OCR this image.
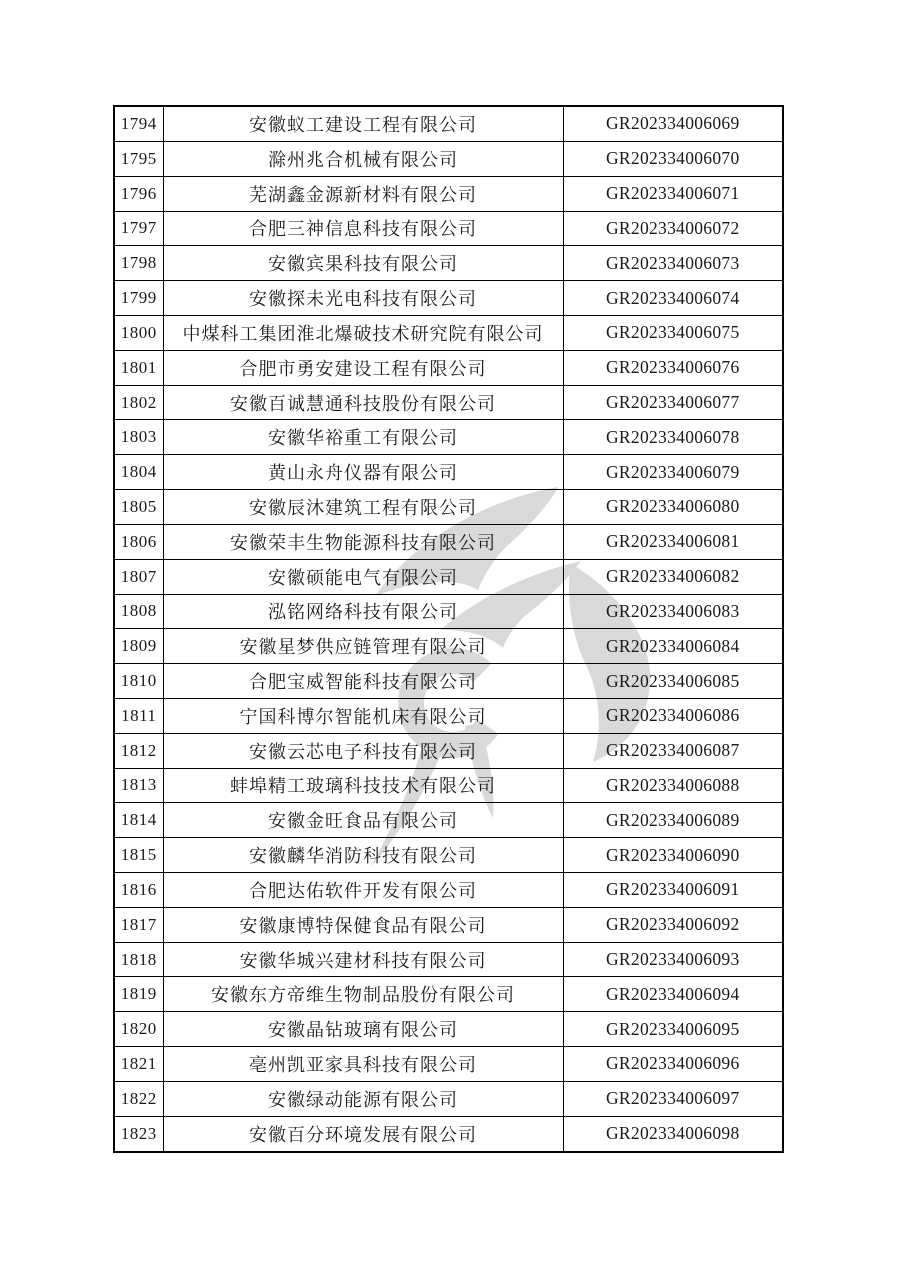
1794	安徽蚁工建设工程有限公司	GR202334006069
1795	滁州兆合机械有限公司	GR202334006070
1796	芜湖鑫金源新材料有限公司	GR202334006071
1797	合肥三神信息科技有限公司	GR202334006072
1798	安徽宾果科技有限公司	GR202334006073
1799	安徽探未光电科技有限公司	GR202334006074
1800	中煤科工集团淮北爆破技术研究院有限公司	GR202334006075
1801	合肥市勇安建设工程有限公司	GR202334006076
1802	安徽百诚慧通科技股份有限公司	GR202334006077
1803	安徽华裕重工有限公司	GR202334006078
1804	黄山永舟仪器有限公司	GR202334006079
1805	安徽辰沐建筑工程有限公司	GR202334006080
1806	安徽荣丰生物能源科技有限公司	GR202334006081
1807	安徽硕能电气有限公司	GR202334006082
1808	泓铭网络科技有限公司	GR202334006083
1809	安徽星梦供应链管理有限公司	GR202334006084
1810	合肥宝威智能科技有限公司	GR202334006085
1811	宁国科博尔智能机床有限公司	GR202334006086
1812	安徽云芯电子科技有限公司	GR202334006087
1813	蚌埠精工玻璃科技技术有限公司	GR202334006088
1814	安徽金旺食品有限公司	GR202334006089
1815	安徽麟华消防科技有限公司	GR202334006090
1816	合肥达佑软件开发有限公司	GR202334006091
1817	安徽康博特保健食品有限公司	GR202334006092
1818	安徽华城兴建材科技有限公司	GR202334006093
1819	安徽东方帝维生物制品股份有限公司	GR202334006094
1820	安徽晶钻玻璃有限公司	GR202334006095
1821	亳州凯亚家具科技有限公司	GR202334006096
1822	安徽绿动能源有限公司	GR202334006097
1823	安徽百分环境发展有限公司	GR202334006098
